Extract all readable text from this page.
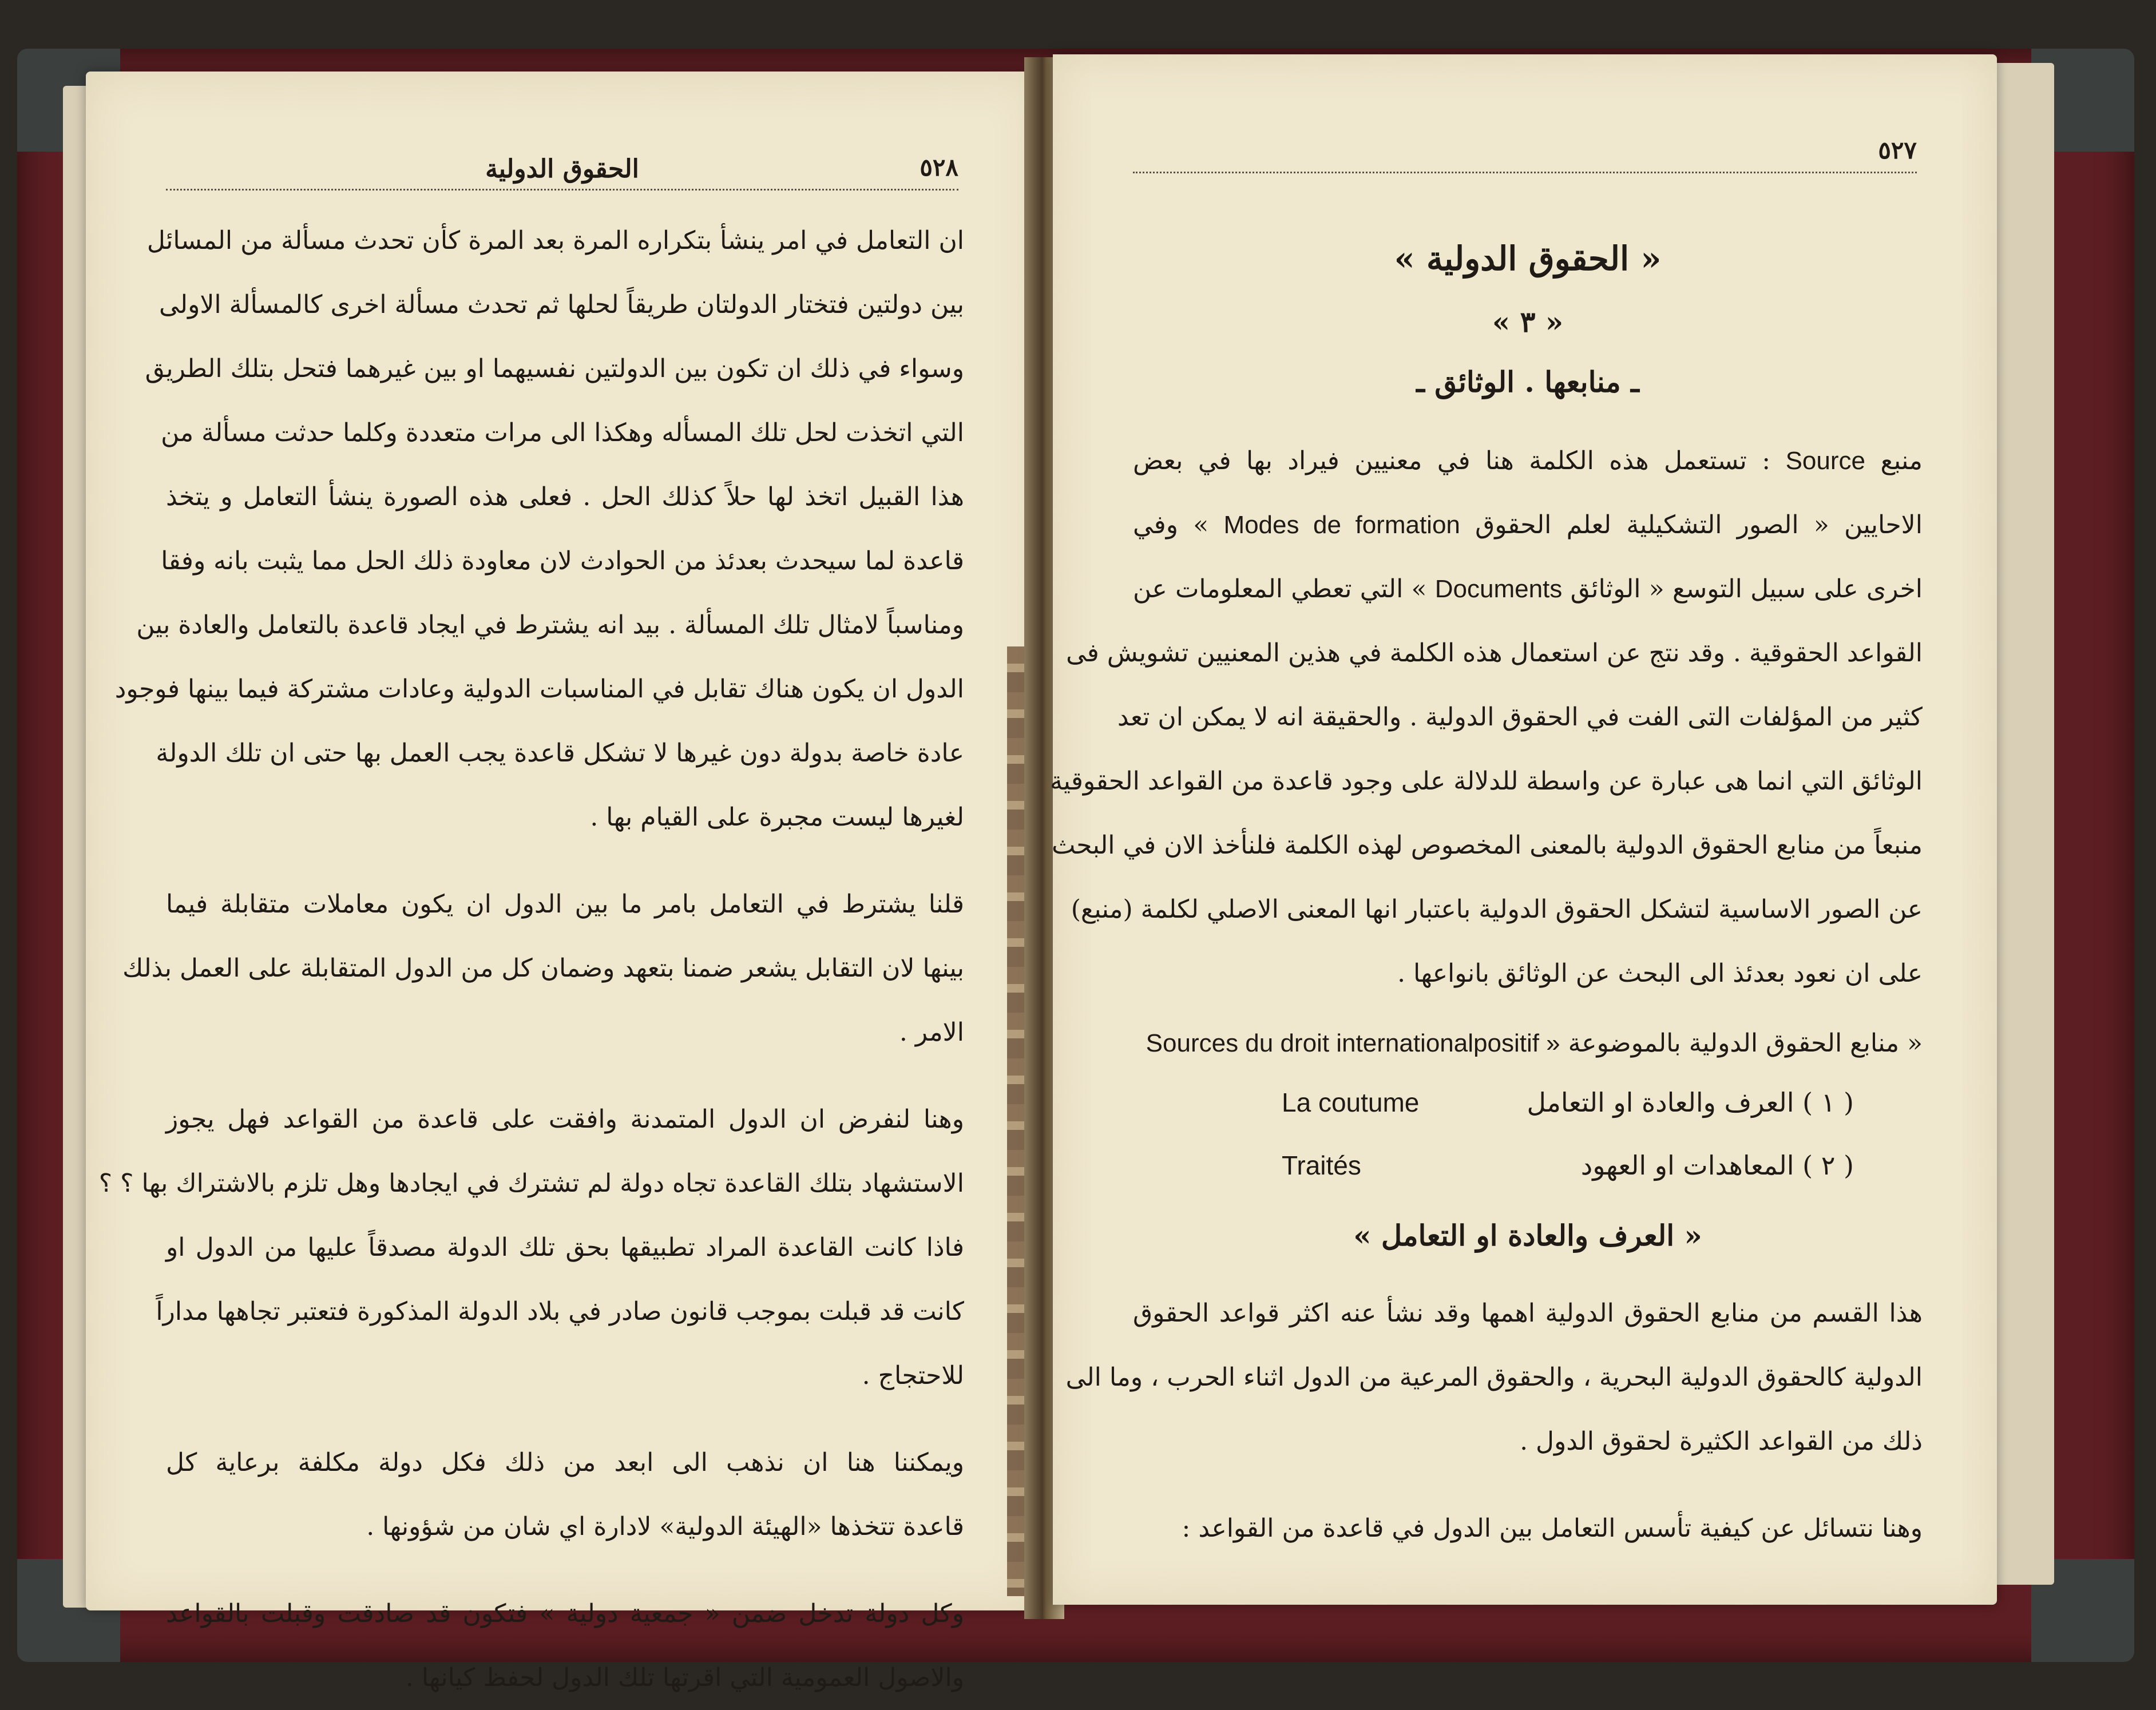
٥٢٨
الحقوق الدولية
ان التعامل في امر ينشأ بتكراره المرة بعد المرة كأن تحدث مسألة من المسائل
بين دولتين فتختار الدولتان طريقاً لحلها ثم تحدث مسألة اخرى كالمسألة الاولى
وسواء في ذلك ان تكون بين الدولتين نفسيهما او بين غيرهما فتحل بتلك الطريق
التي اتخذت لحل تلك المسأله وهكذا الى مرات متعددة وكلما حدثت مسألة من
هذا القبيل اتخذ لها حلاً كذلك الحل . فعلى هذه الصورة ينشأ التعامل و يتخذ
قاعدة لما سيحدث بعدئذ من الحوادث لان معاودة ذلك الحل مما يثبت بانه وفقا
ومناسباً لامثال تلك المسألة . بيد انه يشترط في ايجاد قاعدة بالتعامل والعادة بين
الدول ان يكون هناك تقابل في المناسبات الدولية وعادات مشتركة فيما بينها فوجود
عادة خاصة بدولة دون غيرها لا تشكل قاعدة يجب العمل بها حتى ان تلك الدولة
لغيرها ليست مجبرة على القيام بها .
قلنا يشترط في التعامل بامر ما بين الدول ان يكون معاملات متقابلة فيما
بينها لان التقابل يشعر ضمنا بتعهد وضمان كل من الدول المتقابلة على العمل بذلك
الامر .
وهنا لنفرض ان الدول المتمدنة وافقت على قاعدة من القواعد فهل يجوز
الاستشهاد بتلك القاعدة تجاه دولة لم تشترك في ايجادها وهل تلزم بالاشتراك بها ؟ ؟
فاذا كانت القاعدة المراد تطبيقها بحق تلك الدولة مصدقاً عليها من الدول او
كانت قد قبلت بموجب قانون صادر في بلاد الدولة المذكورة فتعتبر تجاهها مداراً
للاحتجاج .
ويمكننا هنا ان نذهب الى ابعد من ذلك فكل دولة مكلفة برعاية كل
قاعدة تتخذها «الهيئة الدولية» لادارة اي شان من شؤونها .
وكل دولة تدخل ضمن « جمعية دولية » فتكون قد صادقت وقبلت بالقواعد
والاصول العمومية التي اقرتها تلك الدول لحفظ كيانها .
٥٢٧
« الحقوق الدولية »
« ٣ »
ـ منابعها . الوثائق ـ
منبع Source : تستعمل هذه الكلمة هنا في معنيين فيراد بها في بعض
الاحايين « الصور التشكيلية لعلم الحقوق Modes de formation » وفي
اخرى على سبيل التوسع « الوثائق Documents » التي تعطي المعلومات عن
القواعد الحقوقية . وقد نتج عن استعمال هذه الكلمة في هذين المعنيين تشويش فى
كثير من المؤلفات التى الفت في الحقوق الدولية . والحقيقة انه لا يمكن ان تعد
الوثائق التي انما هى عبارة عن واسطة للدلالة على وجود قاعدة من القواعد الحقوقية
منبعاً من منابع الحقوق الدولية بالمعنى المخصوص لهذه الكلمة فلنأخذ الان في البحث
عن الصور الاساسية لتشكل الحقوق الدولية باعتبار انها المعنى الاصلي لكلمة (منبع)
على ان نعود بعدئذ الى البحث عن الوثائق بانواعها .
« منابع الحقوق الدولية بالموضوعة Sources du droit internationalpositif »
( ١ ) العرف والعادة او التعامل
La coutume
( ٢ ) المعاهدات او العهود
Traités
« العرف والعادة او التعامل »
هذا القسم من منابع الحقوق الدولية اهمها وقد نشأ عنه اكثر قواعد الحقوق
الدولية كالحقوق الدولية البحرية ، والحقوق المرعية من الدول اثناء الحرب ، وما الى
ذلك من القواعد الكثيرة لحقوق الدول .
وهنا نتسائل عن كيفية تأسس التعامل بين الدول في قاعدة من القواعد :
